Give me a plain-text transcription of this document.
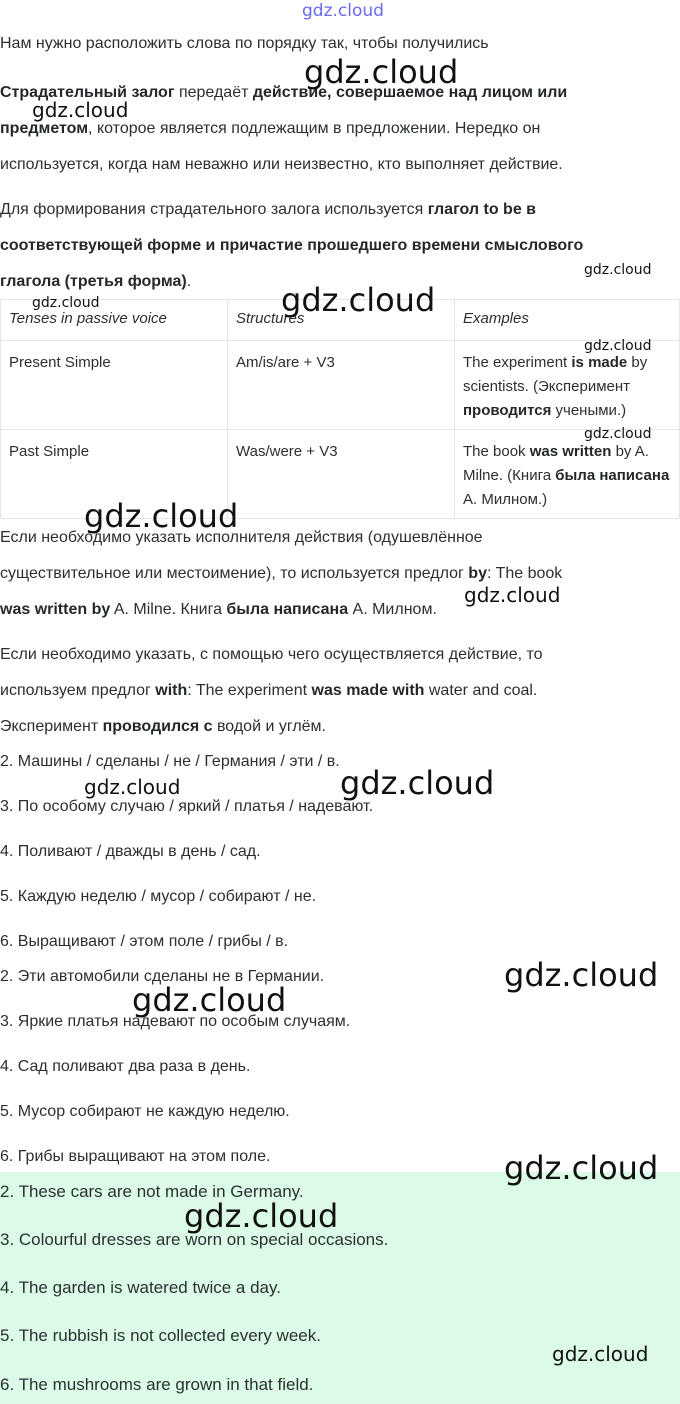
gdz.cloud
Нам нужно расположить слова по порядку так, чтобы получились
Страдательный залог передаёт действие, совершаемое над лицом или
предметом, которое является подлежащим в предложении. Нередко он
используется, когда нам неважно или неизвестно, кто выполняет действие.
Для формирования страдательного залога используется глагол to be в
соответствующей форме и причастие прошедшего времени смыслового
глагола (третья форма).
Tenses in passive voice	Structures	Examples
Present Simple	Am/is/are + V3	The experiment is made by scientists. (Эксперимент проводится учеными.)
Past Simple	Was/were + V3	The book was written by A. Milne. (Книга была написана А. Милном.)
Если необходимо указать исполнителя действия (одушевлённое
существительное или местоимение), то используется предлог by: The book
was written by A. Milne. Книга была написана А. Милном.
Если необходимо указать, с помощью чего осуществляется действие, то
используем предлог with: The experiment was made with water and coal.
Эксперимент проводился с водой и углём.
2. Машины / сделаны / не / Германия / эти / в.
3. По особому случаю / яркий / платья / надевают.
4. Поливают / дважды в день / сад.
5. Каждую неделю / мусор / собирают / не.
6. Выращивают / этом поле / грибы / в.
2. Эти автомобили сделаны не в Германии.
3. Яркие платья надевают по особым случаям.
4. Сад поливают два раза в день.
5. Мусор собирают не каждую неделю.
6. Грибы выращивают на этом поле.
2. These cars are not made in Germany.
3. Colourful dresses are worn on special occasions.
4. The garden is watered twice a day.
5. The rubbish is not collected every week.
6. The mushrooms are grown in that field.
gdz.cloud
gdz.cloud
gdz.cloud
gdz.cloud
gdz.cloud
gdz.cloud
gdz.cloud
gdz.cloud
gdz.cloud
gdz.cloud	gdz.cloud
gdz.cloud
gdz.cloud
gdz.cloud
gdz.cloud
gdz.cloud
